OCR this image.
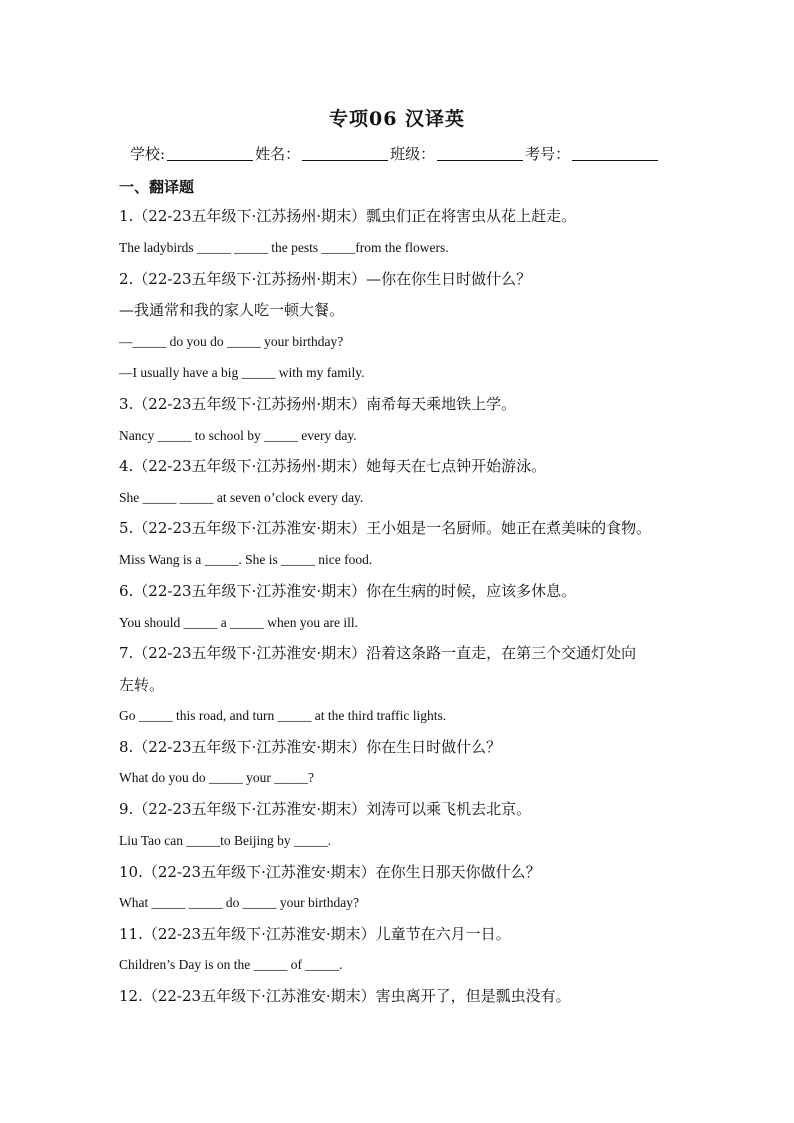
专项06 汉译英
学校:	姓名：	班级：	考号：
一、翻译题
1.（22-23五年级下·江苏扬州·期末）瓢虫们正在将害虫从花上赶走。
The ladybirds _____ _____ the pests _____from the flowers.
2.（22-23五年级下·江苏扬州·期末）—你在你生日时做什么？
—我通常和我的家人吃一顿大餐。
—_____ do you do _____ your birthday?
—I usually have a big _____ with my family.
3.（22-23五年级下·江苏扬州·期末）南希每天乘地铁上学。
Nancy _____ to school by _____ every day.
4.（22-23五年级下·江苏扬州·期末）她每天在七点钟开始游泳。
She _____ _____ at seven o’clock every day.
5.（22-23五年级下·江苏淮安·期末）王小姐是一名厨师。她正在煮美味的食物。
Miss Wang is a _____. She is _____ nice food.
6.（22-23五年级下·江苏淮安·期末）你在生病的时候，应该多休息。
You should _____ a _____ when you are ill.
7.（22-23五年级下·江苏淮安·期末）沿着这条路一直走，在第三个交通灯处向
左转。
Go _____ this road, and turn _____ at the third traffic lights.
8.（22-23五年级下·江苏淮安·期末）你在生日时做什么？
What do you do _____ your _____?
9.（22-23五年级下·江苏淮安·期末）刘涛可以乘飞机去北京。
Liu Tao can _____to Beijing by _____.
10.（22-23五年级下·江苏淮安·期末）在你生日那天你做什么？
What _____ _____ do _____ your birthday?
11.（22-23五年级下·江苏淮安·期末）儿童节在六月一日。
Children’s Day is on the _____ of _____.
12.（22-23五年级下·江苏淮安·期末）害虫离开了，但是瓢虫没有。
